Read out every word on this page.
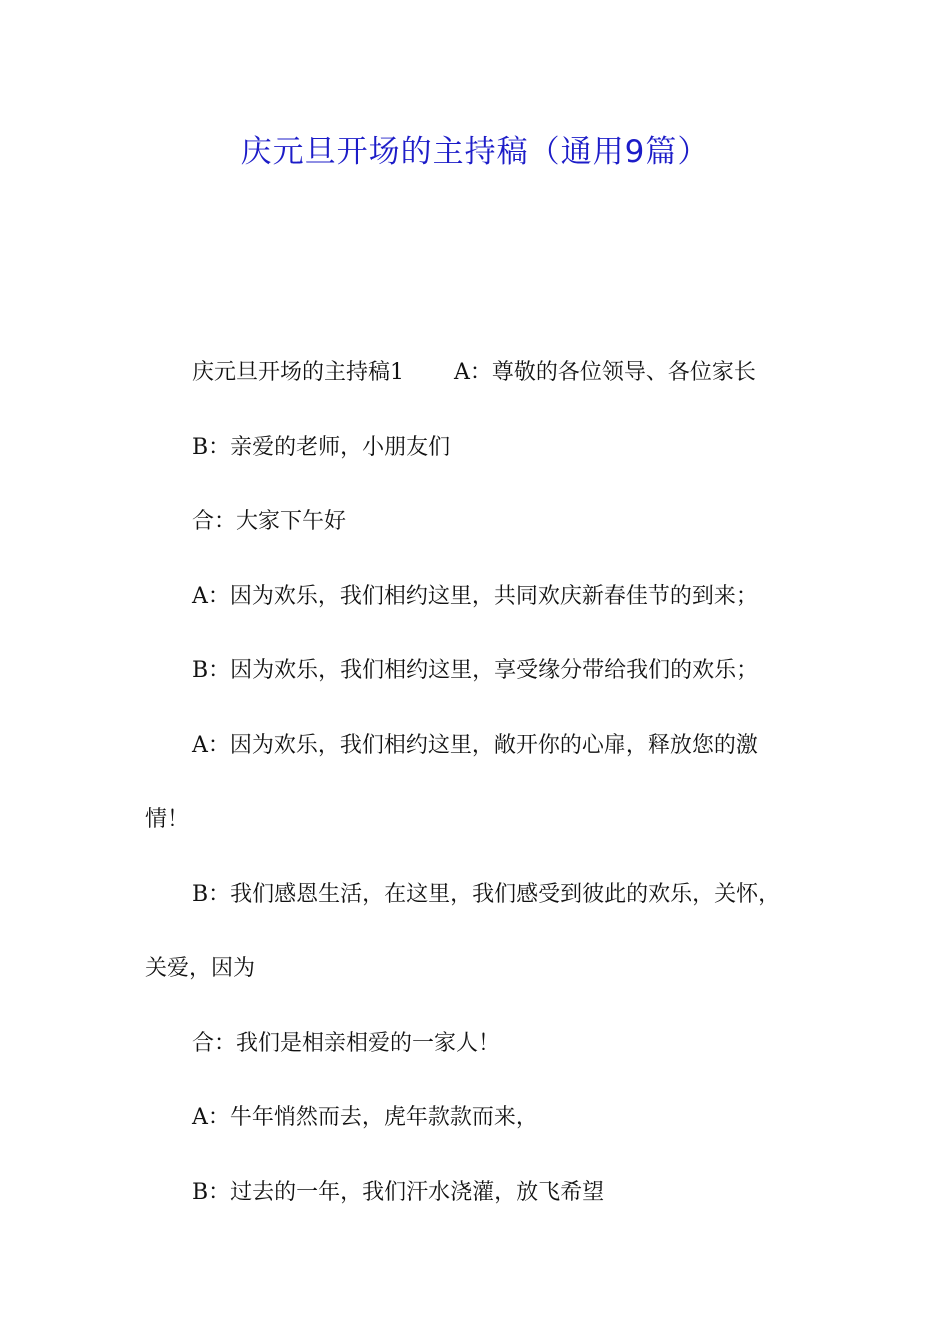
庆元旦开场的主持稿（通用9篇）

庆元旦开场的主持稿1 A：尊敬的各位领导、各位家长

B：亲爱的老师，小朋友们

合：大家下午好

A：因为欢乐，我们相约这里，共同欢庆新春佳节的到来；

B：因为欢乐，我们相约这里，享受缘分带给我们的欢乐；

A：因为欢乐，我们相约这里，敞开你的心扉，释放您的激

情！

B：我们感恩生活，在这里，我们感受到彼此的欢乐，关怀，

关爱，因为

合：我们是相亲相爱的一家人！

A：牛年悄然而去，虎年款款而来，

B：过去的一年，我们汗水浇灌，放飞希望
